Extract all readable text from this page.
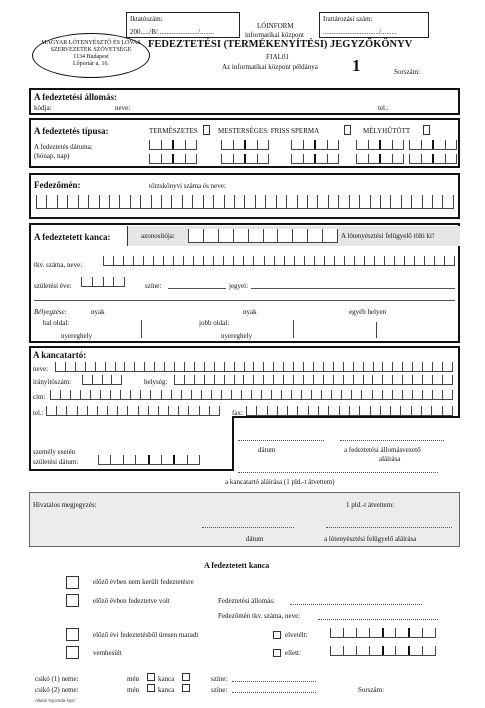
Iktatószám:
200...../B/......................./........
Irattározási szám:
................................/.........
MAGYAR LÓTENYÉSZTŐ ÉS LOVAS SZERVEZETEK SZÖVETSÉGE
1134 Budapest
Lőportár u. 16.
LÓINFORM
informatikai központ
FEDEZTETÉSI (TERMÉKENYÍTÉSI) JEGYZŐKÖNYV
FJAL01
Az informatikai központ példánya 1	Sorszám:
A fedeztetési állomás:
kódja:	neve:	tel.:
A fedeztetés típusa:	TERMÉSZETES	MESTERSÉGES: FRISS SPERMA	MÉLYHŰTÖTT
A fedeztetés dátuma:
(hónap, nap)
Fedezőmén:	törzskönyvi száma és neve:
A fedeztetett kanca:	azonosítója:	A lótenyésztési felügyelő tölti ki!
tkv. száma, neve:
születési éve:	színe:	jegyei:
Bélyegzése:	nyak	nyak	egyéb helyen
bal oldal:	jobb oldal:
nyereghely	nyereghely
A kancatartó:
neve:
irányítószám:	helység:
cím:
tel.:	fax:
személy esetén
születési dátum:
dátum	a fedeztetési állomásvezető
aláírása
a kancatartó aláírása (1 pld.-t átvettem)
Hivatalos megjegyzés:	1 pld.-t átvettem:
dátum	a lótenyésztési felügyelő aláírása
A fedeztetett kanca
előző évben nem került fedeztetésre
előző évben fedeztetve volt	Fedeztetési állomás:
Fedezőmén tkv. száma, neve:
előző évi fedeztetésből üresen maradt	elvetélt:
vemhesült	ellett:
csikó (1) neme:	mén	kanca	színe:
csikó (2) neme:	mén	kanca	színe:	Sorszám:
Állami Nyomda Nyrt.
